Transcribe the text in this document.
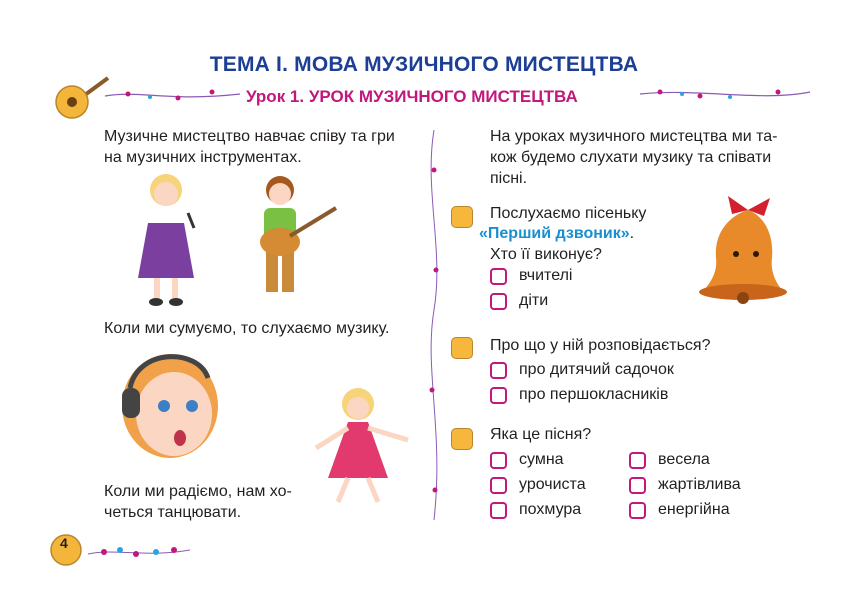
ТЕМА І. МОВА МУЗИЧНОГО МИСТЕЦТВА
Урок 1. УРОК МУЗИЧНОГО МИСТЕЦТВА
Музичне мистецтво навчає співу та гри
на музичних інструментах.
Коли ми сумуємо, то слухаємо музику.
Коли ми радіємо, нам хо-
четься танцювати.
На уроках музичного мистецтва ми та-
кож будемо слухати музику та співати
пісні.
Послухаємо пісеньку
«Перший дзвоник».
Хто її виконує?
вчителі
діти
Про що у ній розповідається?
про дитячий садочок
про першокласників
Яка це пісня?
сумна
урочиста
похмура
весела
жартівлива
енергійна
4
